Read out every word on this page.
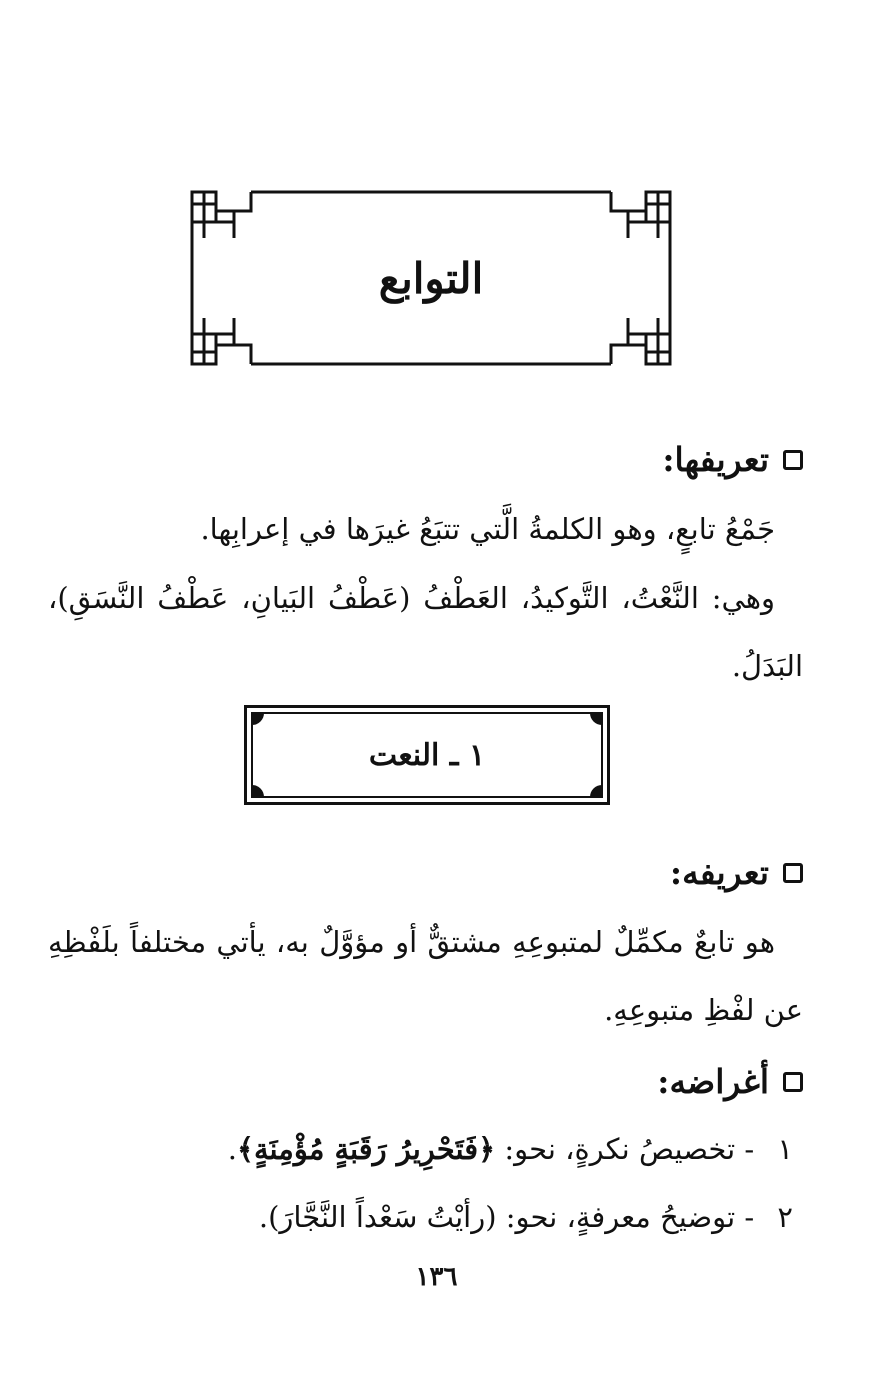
التوابع
تعريفها:
جَمْعُ تابعٍ، وهو الكلمةُ الَّتي تتبَعُ غيرَها في إعرابِها.
وهي: النَّعْتُ، التَّوكيدُ، العَطْفُ (عَطْفُ البَيانِ، عَطْفُ النَّسَقِ)، البَدَلُ.
١ ـ النعت
تعريفه:
هو تابعٌ مكمِّلٌ لمتبوعِهِ مشتقٌّ أو مؤوَّلٌ به، يأتي مختلفاً بلَفْظِهِ عن لفْظِ متبوعِهِ.
أغراضه:
١ - تخصيصُ نكرةٍ، نحو: ﴿فَتَحْرِيرُ رَقَبَةٍ مُؤْمِنَةٍ﴾.
٢ - توضيحُ معرفةٍ، نحو: (رأيْتُ سَعْداً النَّجَّارَ).
١٣٦
